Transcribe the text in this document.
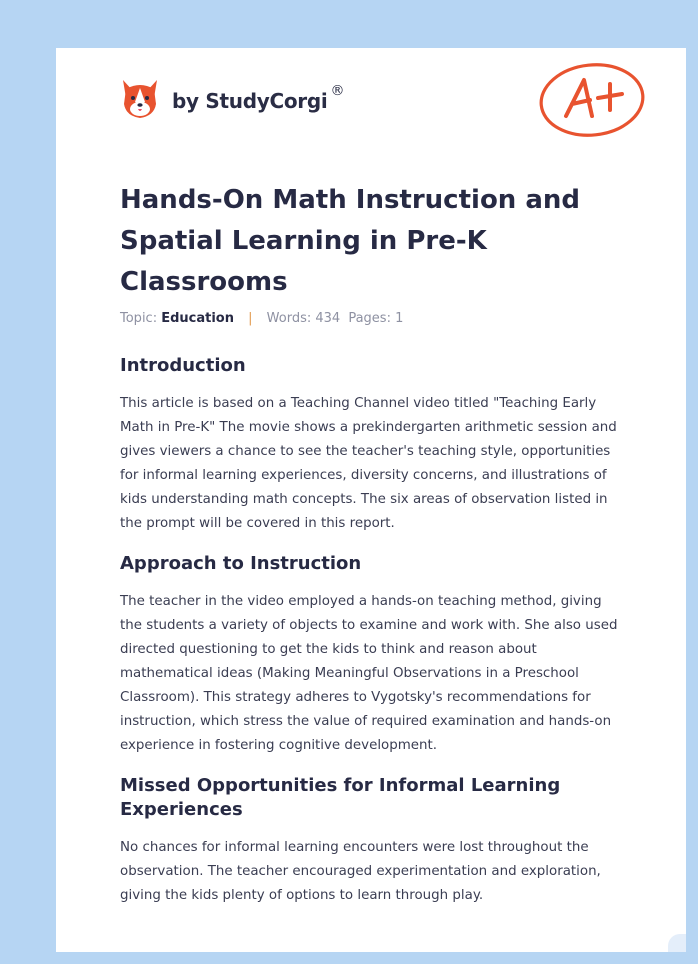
by StudyCorgi ®
Hands-On Math Instruction and Spatial Learning in Pre-K Classrooms
Topic: Education | Words: 434 Pages: 1
Introduction

This article is based on a Teaching Channel video titled "Teaching Early Math in Pre-K" The movie shows a prekindergarten arithmetic session and gives viewers a chance to see the teacher's teaching style, opportunities for informal learning experiences, diversity concerns, and illustrations of kids understanding math concepts. The six areas of observation listed in the prompt will be covered in this report.

Approach to Instruction

The teacher in the video employed a hands-on teaching method, giving the students a variety of objects to examine and work with. She also used directed questioning to get the kids to think and reason about mathematical ideas (Making Meaningful Observations in a Preschool Classroom). This strategy adheres to Vygotsky's recommendations for instruction, which stress the value of required examination and hands-on experience in fostering cognitive development.

Missed Opportunities for Informal Learning Experiences

No chances for informal learning encounters were lost throughout the observation. The teacher encouraged experimentation and exploration, giving the kids plenty of options to learn through play.
